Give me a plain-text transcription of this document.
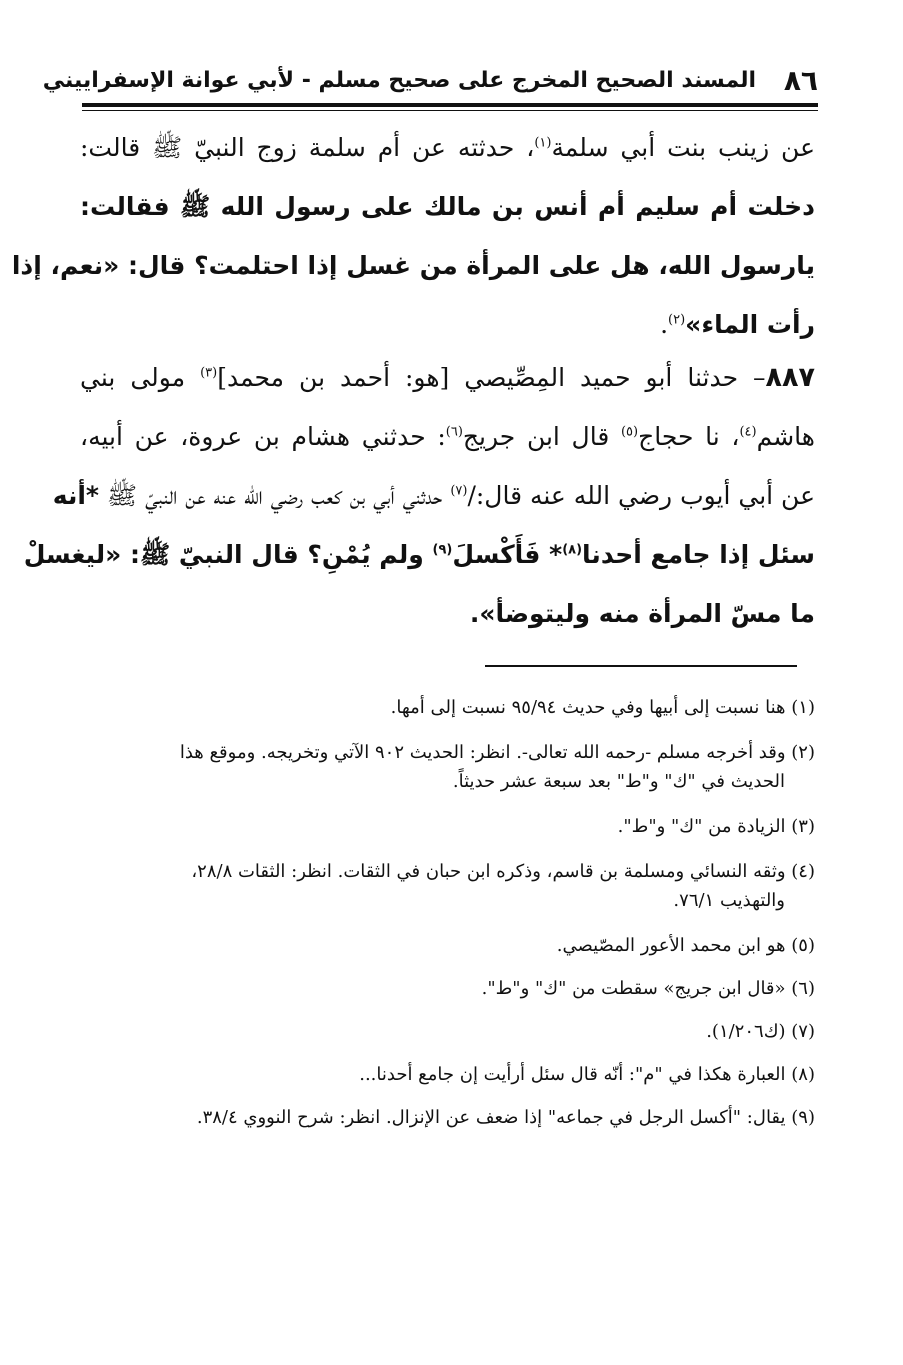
٨٦
المسند الصحيح المخرج على صحيح مسلم - لأبي عوانة الإسفراييني
عن زينب بنت أبي سلمة$^{(١)}$، حدثته عن أم سلمة زوج النبيّ ﷺ قالت:
دخلت أم سليم أم أنس بن مالك على رسول الله ﷺ فقالت:
يارسول الله، هل على المرأة من غسل إذا احتلمت؟ قال: «نعم، إذا
رأت الماء»$^{(٢)}$.
٨٨٧– حدثنا أبو حميد المِصِّيصي [هو: أحمد بن محمد]$^{(٣)}$ مولى بني
هاشم$^{(٤)}$، نا حجاج$^{(٥)}$ قال ابن جريج$^{(٦)}$: حدثني هشام بن عروة، عن أبيه،
عن أبي أيوب رضي الله عنه قال:/$^{(٧)}$ حدثني أبي بن كعب رضي الله عنه عن النبيّ ﷺ *أنه
سئل إذا جامع أحدنا$^{(٨)}$* فَأَكْسلَ$^{(٩)}$ ولم يُمْنِ؟ قال النبيّ ﷺ: «ليغسلْ
ما مسّ المرأة منه وليتوضأ».
(١) هنا نسبت إلى أبيها وفي حديث ٩٥/٩٤ نسبت إلى أمها.
(٢) وقد أخرجه مسلم -رحمه الله تعالى-. انظر: الحديث ٩٠٢ الآتي وتخريجه. وموقع هذا
الحديث في "ك" و"ط" بعد سبعة عشر حديثاً.
(٣) الزيادة من "ك" و"ط".
(٤) وثقه النسائي ومسلمة بن قاسم، وذكره ابن حبان في الثقات. انظر: الثقات ٢٨/٨،
والتهذيب ٧٦/١.
(٥) هو ابن محمد الأعور المصّيصي.
(٦) «قال ابن جريج» سقطت من "ك" و"ط".
(٧) (ك١/٢٠٦).
(٨) العبارة هكذا في "م": أنّه قال سئل أرأيت إن جامع أحدنا...
(٩) يقال: "أكسل الرجل في جماعه" إذا ضعف عن الإنزال. انظر: شرح النووي ٣٨/٤.
